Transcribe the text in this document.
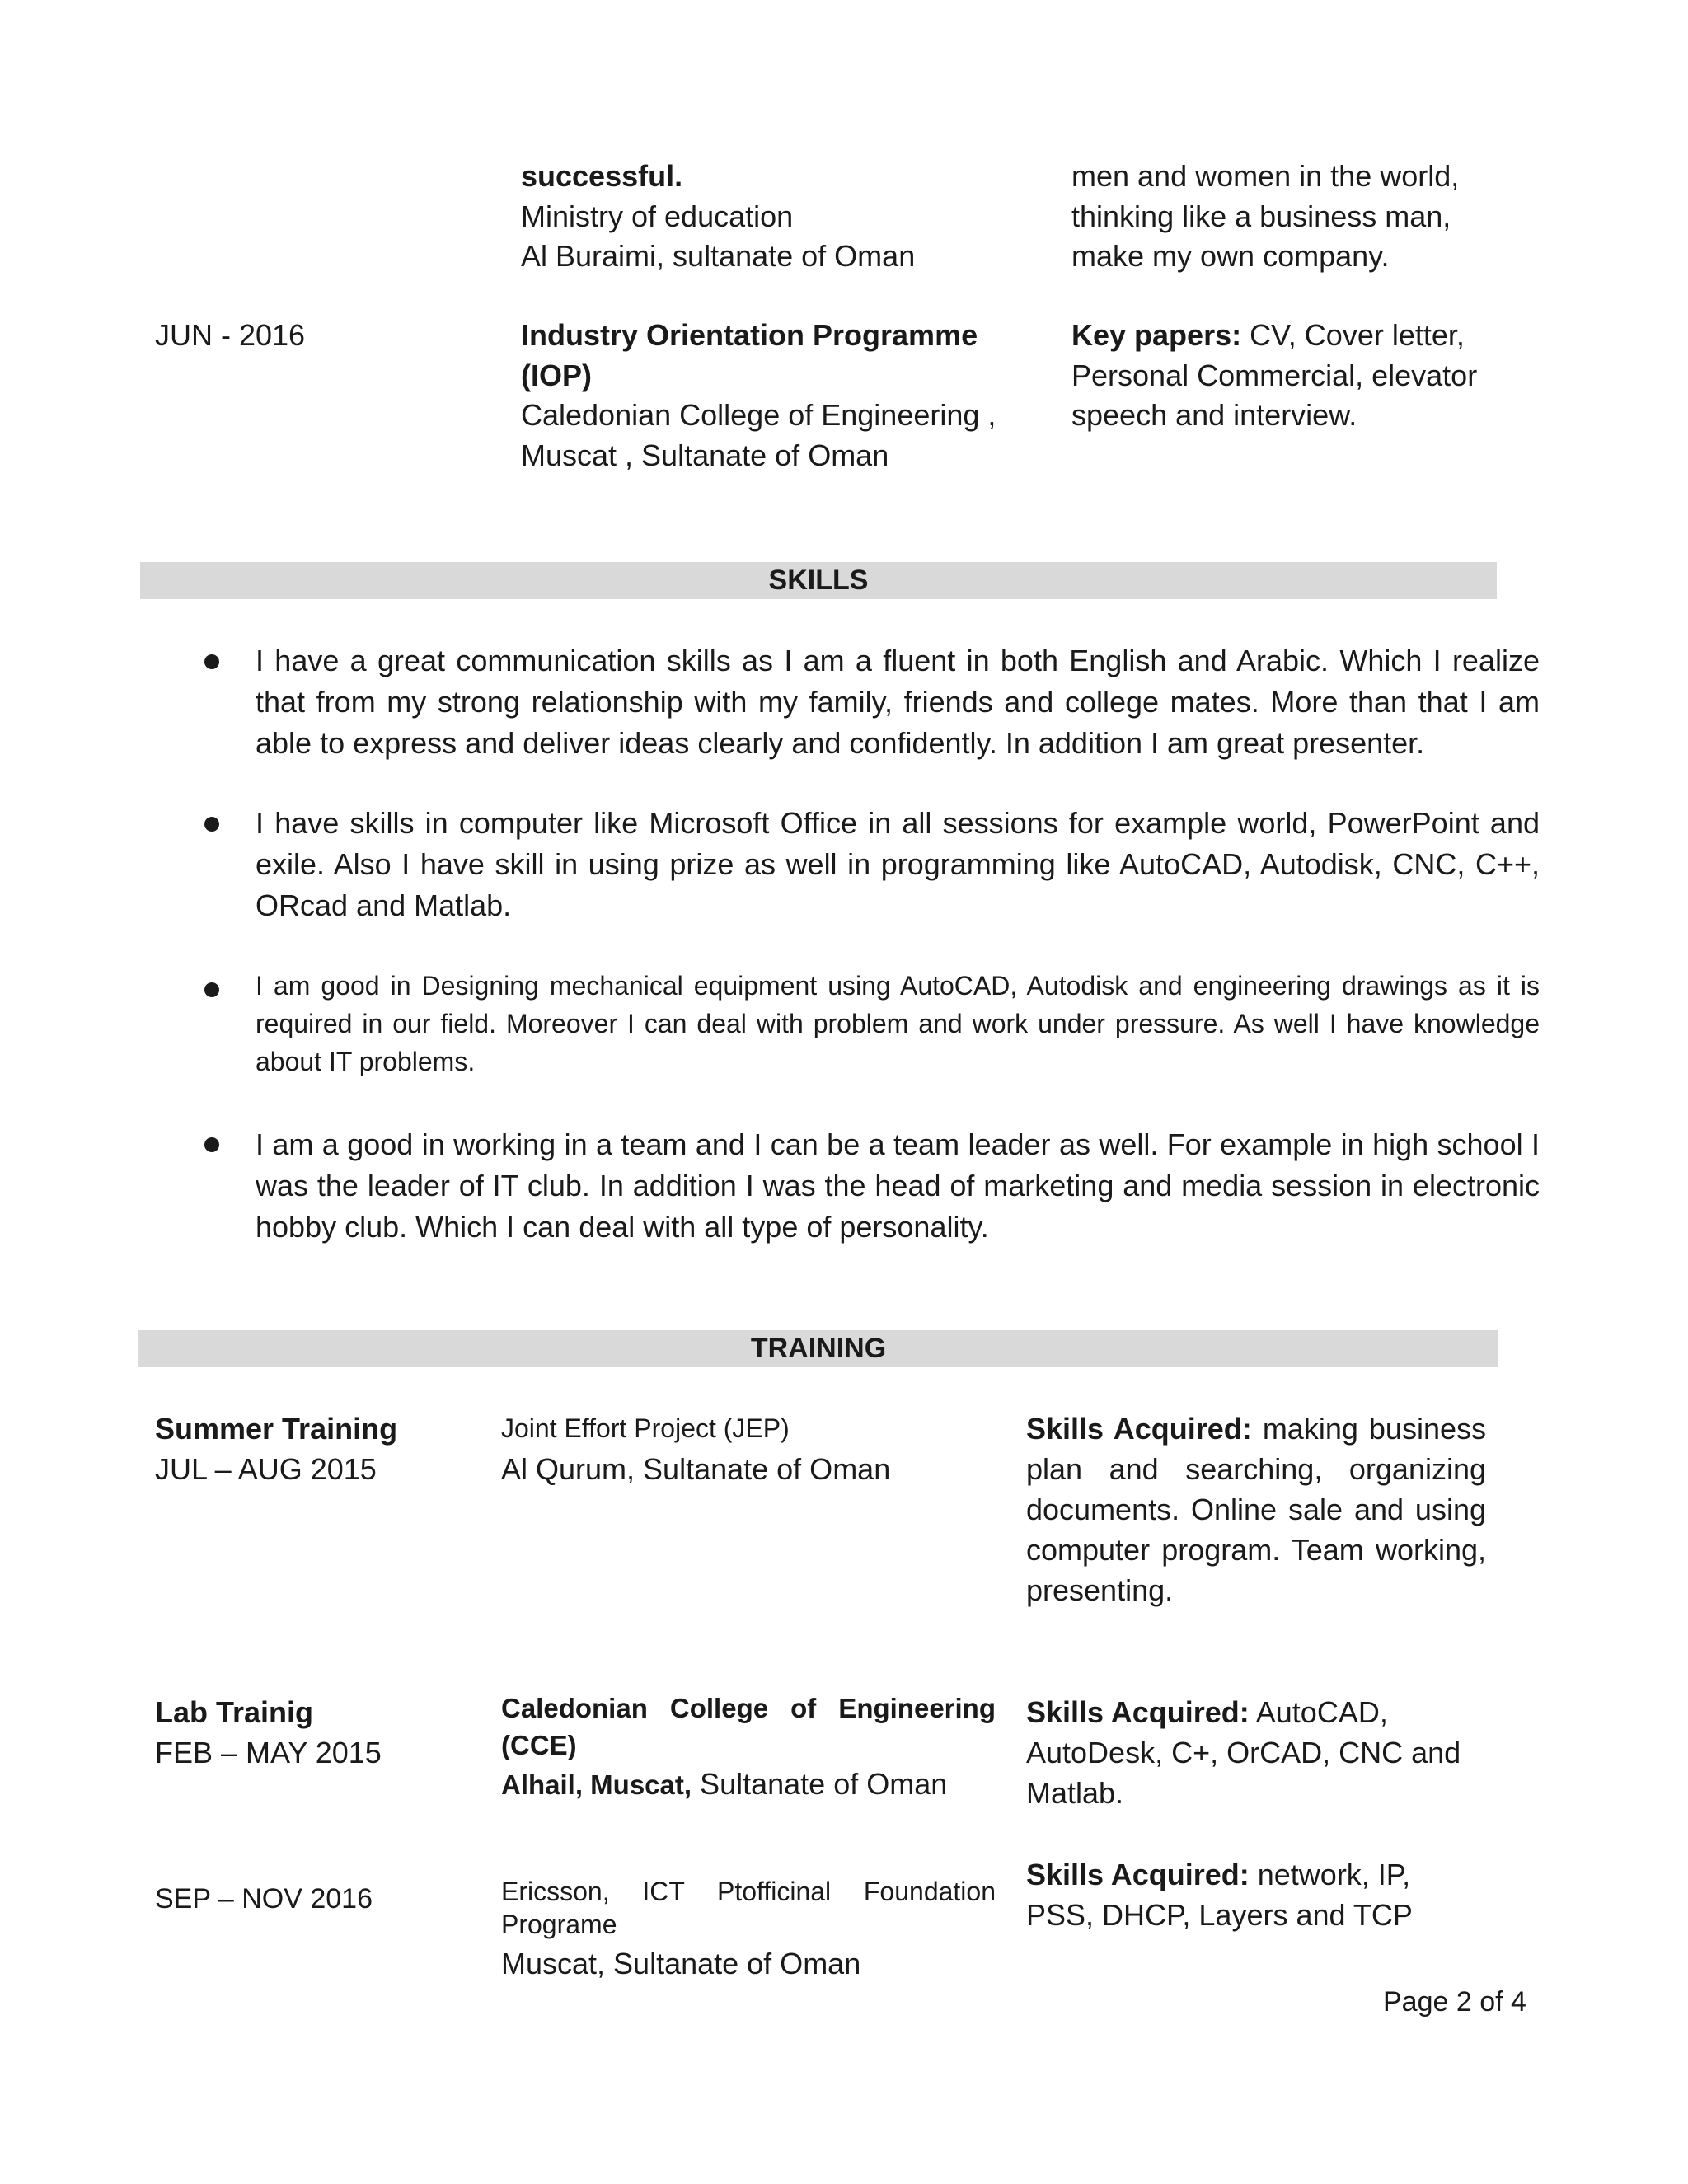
successful.
Ministry of education
Al Buraimi, sultanate of Oman
men and women in the world,
thinking like a business man,
make my own company.
JUN - 2016	Industry Orientation Programme
(IOP)
Caledonian College of Engineering ,
Muscat , Sultanate of Oman
Key papers: CV, Cover letter,
Personal Commercial, elevator
speech and interview.
SKILLS
I have a great communication skills as I am a fluent in both English and Arabic. Which I realize that from my strong relationship with my family, friends and college mates. More than that I am able to express and deliver ideas clearly and confidently. In addition I am great presenter.
I have skills in computer like Microsoft Office in all sessions for example world, PowerPoint and exile. Also I have skill in using prize as well in programming like AutoCAD, Autodisk, CNC, C++, ORcad and Matlab.
I am good in Designing mechanical equipment using AutoCAD, Autodisk and engineering drawings as it is required in our field. Moreover I can deal with problem and work under pressure. As well I have knowledge about IT problems.
I am a good in working in a team and I can be a team leader as well. For example in high school I was the leader of IT club. In addition I was the head of marketing and media session in electronic hobby club. Which I can deal with all type of personality.
TRAINING
Summer Training
JUL – AUG 2015
Joint Effort Project (JEP)
Al Qurum, Sultanate of Oman
Skills Acquired: making business plan and searching, organizing documents. Online sale and using computer program. Team working, presenting.
Lab Trainig
FEB – MAY 2015
Caledonian College of Engineering (CCE)
Alhail, Muscat, Sultanate of Oman
Skills Acquired: AutoCAD, AutoDesk, C+, OrCAD, CNC and Matlab.
SEP – NOV 2016	Ericsson, ICT Ptofficinal Foundation Programe
Muscat, Sultanate of Oman
Skills Acquired: network, IP, PSS, DHCP, Layers and TCP
Page 2 of 4
